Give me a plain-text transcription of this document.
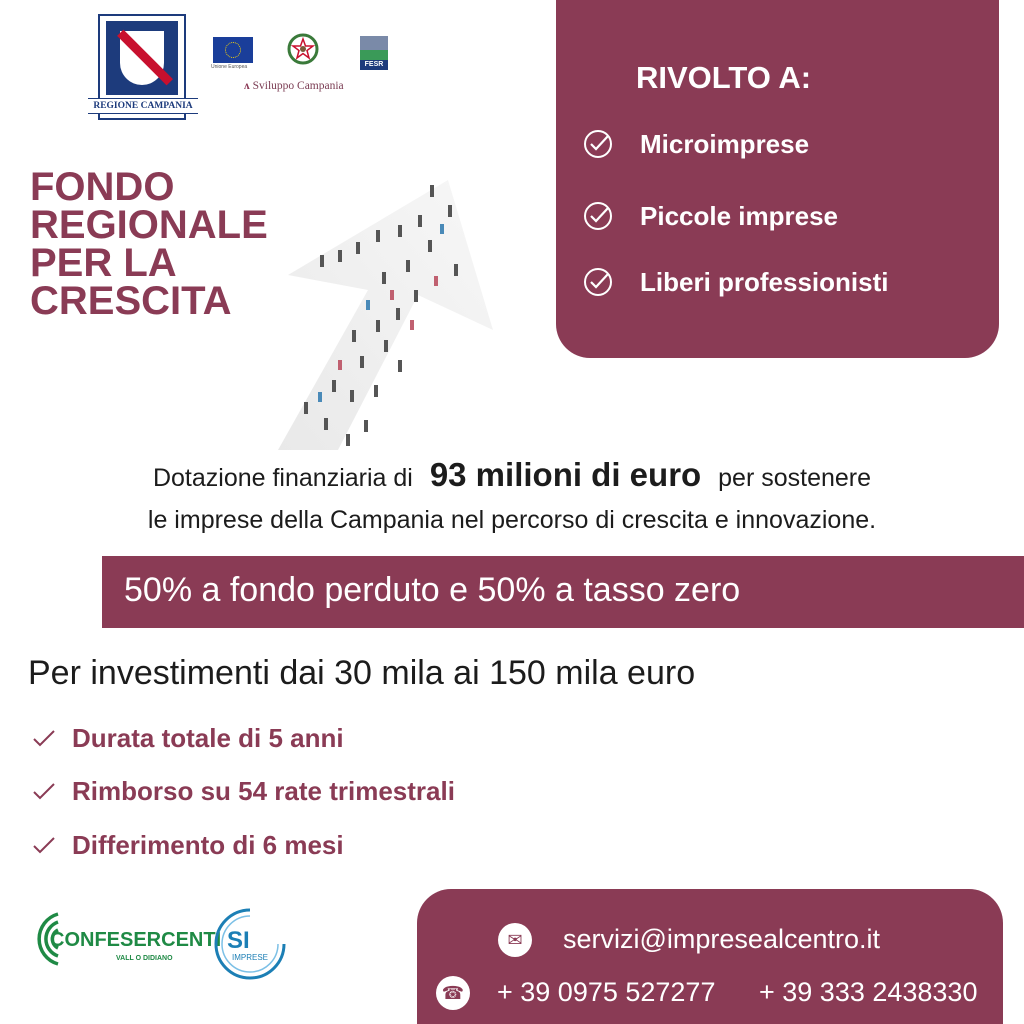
REGIONE CAMPANIA
Unione Europea	FESR
ʌ Sviluppo Campania
FONDO
REGIONALE
PER LA
CRESCITA
RIVOLTO A:
Microimprese
Piccole imprese
Liberi professionisti
Dotazione finanziaria di 93 milioni di euro per sostenere
le imprese della Campania nel percorso di crescita e innovazione.
50% a fondo perduto e 50% a tasso zero
Per investimenti dai 30 mila ai 150 mila euro
Durata totale di 5 anni
Rimborso su 54 rate trimestrali
Differimento di 6 mesi
CONFESERCENTI
VALL O DIDIANO
SI
IMPRESE
✉	servizi@impresealcentro.it
☎ + 39 0975 527277 + 39 333 2438330
